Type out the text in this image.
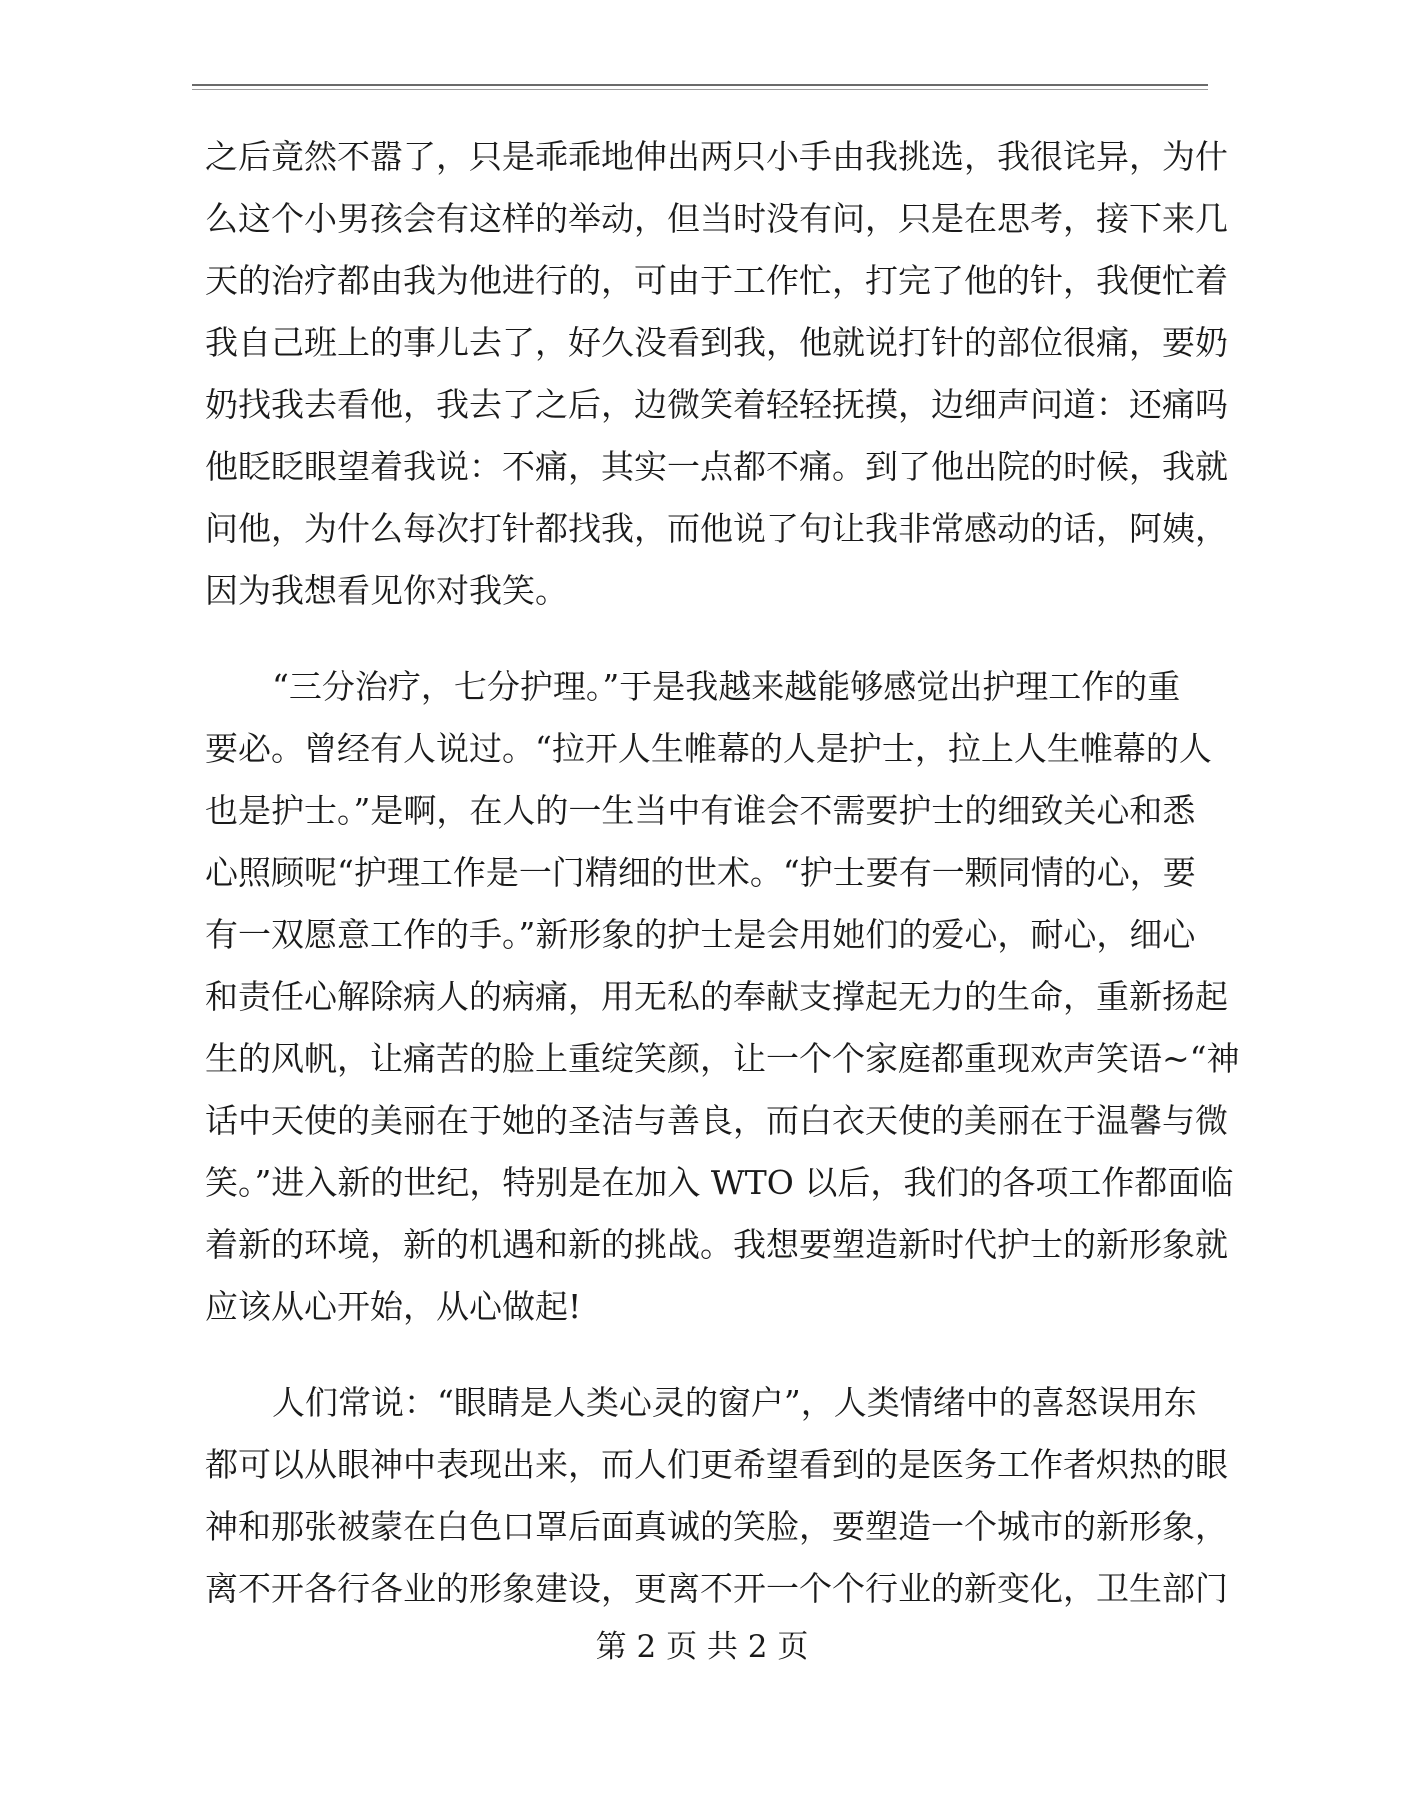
之后竟然不嚣了，只是乖乖地伸出两只小手由我挑选，我很诧异，为什
么这个小男孩会有这样的举动，但当时没有问，只是在思考，接下来几
天的治疗都由我为他进行的，可由于工作忙，打完了他的针，我便忙着
我自己班上的事儿去了，好久没看到我，他就说打针的部位很痛，要奶
奶找我去看他，我去了之后，边微笑着轻轻抚摸，边细声问道：还痛吗
他眨眨眼望着我说：不痛，其实一点都不痛。到了他出院的时候，我就
问他，为什么每次打针都找我，而他说了句让我非常感动的话，阿姨，
因为我想看见你对我笑。
“三分治疗，七分护理。”于是我越来越能够感觉出护理工作的重
要必。曾经有人说过。“拉开人生帷幕的人是护士，拉上人生帷幕的人
也是护士。”是啊，在人的一生当中有谁会不需要护士的细致关心和悉
心照顾呢“护理工作是一门精细的世术。“护士要有一颗同情的心，要
有一双愿意工作的手。”新形象的护士是会用她们的爱心，耐心，细心
和责任心解除病人的病痛，用无私的奉献支撑起无力的生命，重新扬起
生的风帆，让痛苦的脸上重绽笑颜，让一个个家庭都重现欢声笑语~“神
话中天使的美丽在于她的圣洁与善良，而白衣天使的美丽在于温馨与微
笑。”进入新的世纪，特别是在加入 WTO 以后，我们的各项工作都面临
着新的环境，新的机遇和新的挑战。我想要塑造新时代护士的新形象就
应该从心开始，从心做起!
人们常说：“眼睛是人类心灵的窗户”，人类情绪中的喜怒误用东
都可以从眼神中表现出来，而人们更希望看到的是医务工作者炽热的眼
神和那张被蒙在白色口罩后面真诚的笑脸，要塑造一个城市的新形象，
离不开各行各业的形象建设，更离不开一个个行业的新变化，卫生部门
第 2 页 共 2 页
